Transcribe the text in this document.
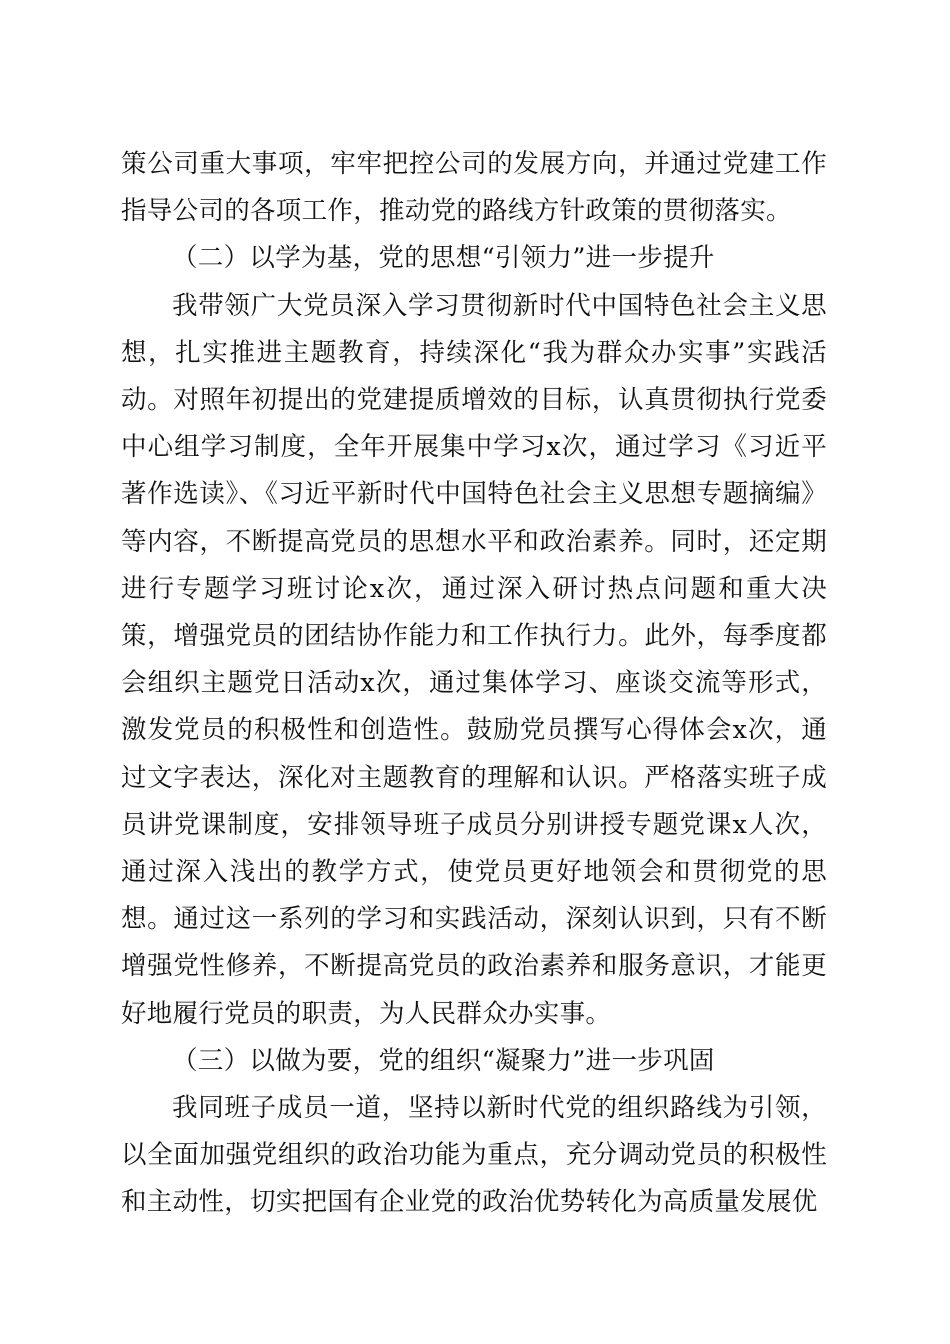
策公司重大事项，牢牢把控公司的发展方向，并通过党建工作指导公司的各项工作，推动党的路线方针政策的贯彻落实。

（二）以学为基，党的思想“引领力”进一步提升

我带领广大党员深入学习贯彻新时代中国特色社会主义思想，扎实推进主题教育，持续深化“我为群众办实事”实践活动。对照年初提出的党建提质增效的目标，认真贯彻执行党委中心组学习制度，全年开展集中学习x次，通过学习《习近平著作选读》、《习近平新时代中国特色社会主义思想专题摘编》等内容，不断提高党员的思想水平和政治素养。同时，还定期进行专题学习班讨论x次，通过深入研讨热点问题和重大决策，增强党员的团结协作能力和工作执行力。此外，每季度都会组织主题党日活动x次，通过集体学习、座谈交流等形式，激发党员的积极性和创造性。鼓励党员撰写心得体会x次，通过文字表达，深化对主题教育的理解和认识。严格落实班子成员讲党课制度，安排领导班子成员分别讲授专题党课x人次，通过深入浅出的教学方式，使党员更好地领会和贯彻党的思想。通过这一系列的学习和实践活动，深刻认识到，只有不断增强党性修养，不断提高党员的政治素养和服务意识，才能更好地履行党员的职责，为人民群众办实事。

（三）以做为要，党的组织“凝聚力”进一步巩固

我同班子成员一道，坚持以新时代党的组织路线为引领，以全面加强党组织的政治功能为重点，充分调动党员的积极性和主动性，切实把国有企业党的政治优势转化为高质量发展优
